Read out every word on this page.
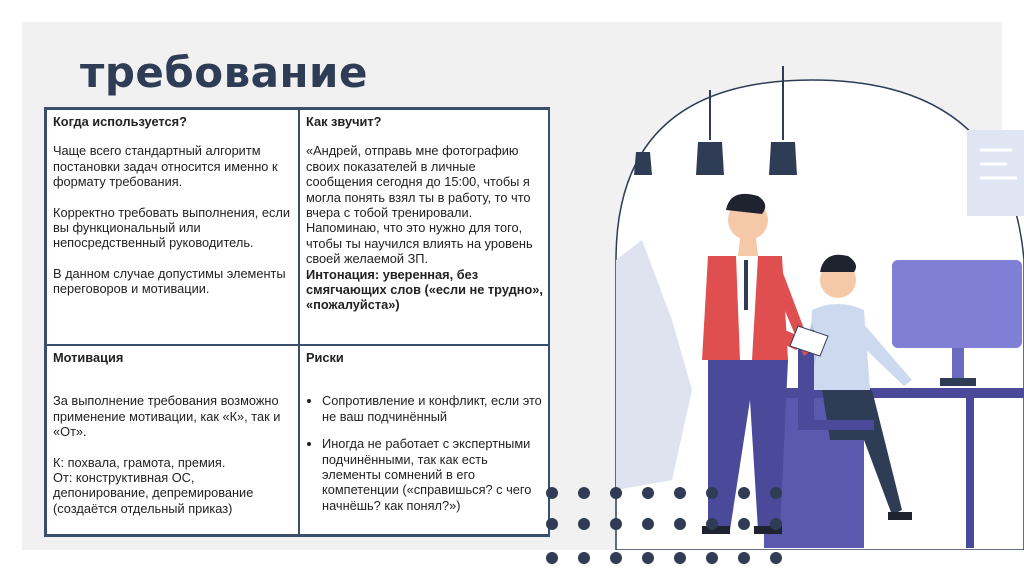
требование
Когда используется?

Чаще всего стандартный алгоритм постановки задач относится именно к формату требования.

Корректно требовать выполнения, если вы функциональный или непосредственный руководитель.

В данном случае допустимы элементы переговоров и мотивации.

Как звучит?
«Андрей, отправь мне фотографию своих показателей в личные сообщения сегодня до 15:00, чтобы я могла понять взял ты в работу, то что вчера с тобой тренировали. Напоминаю, что это нужно для того, чтобы ты научился влиять на уровень своей желаемой ЗП.
Интонация: уверенная, без смягчающих слов («если не трудно», «пожалуйста»)
Мотивация

За выполнение требования возможно применение мотивации, как «К», так и «От».

К: похвала, грамота, премия.
От: конструктивная ОС, депонирование, депремирование (создаётся отдельный приказ)
Риски
• Сопротивление и конфликт, если это не ваш подчинённый
• Иногда не работает с экспертными подчинёнными, так как есть элементы сомнений в его компетенции («справишься? с чего начнёшь? как понял?»)
